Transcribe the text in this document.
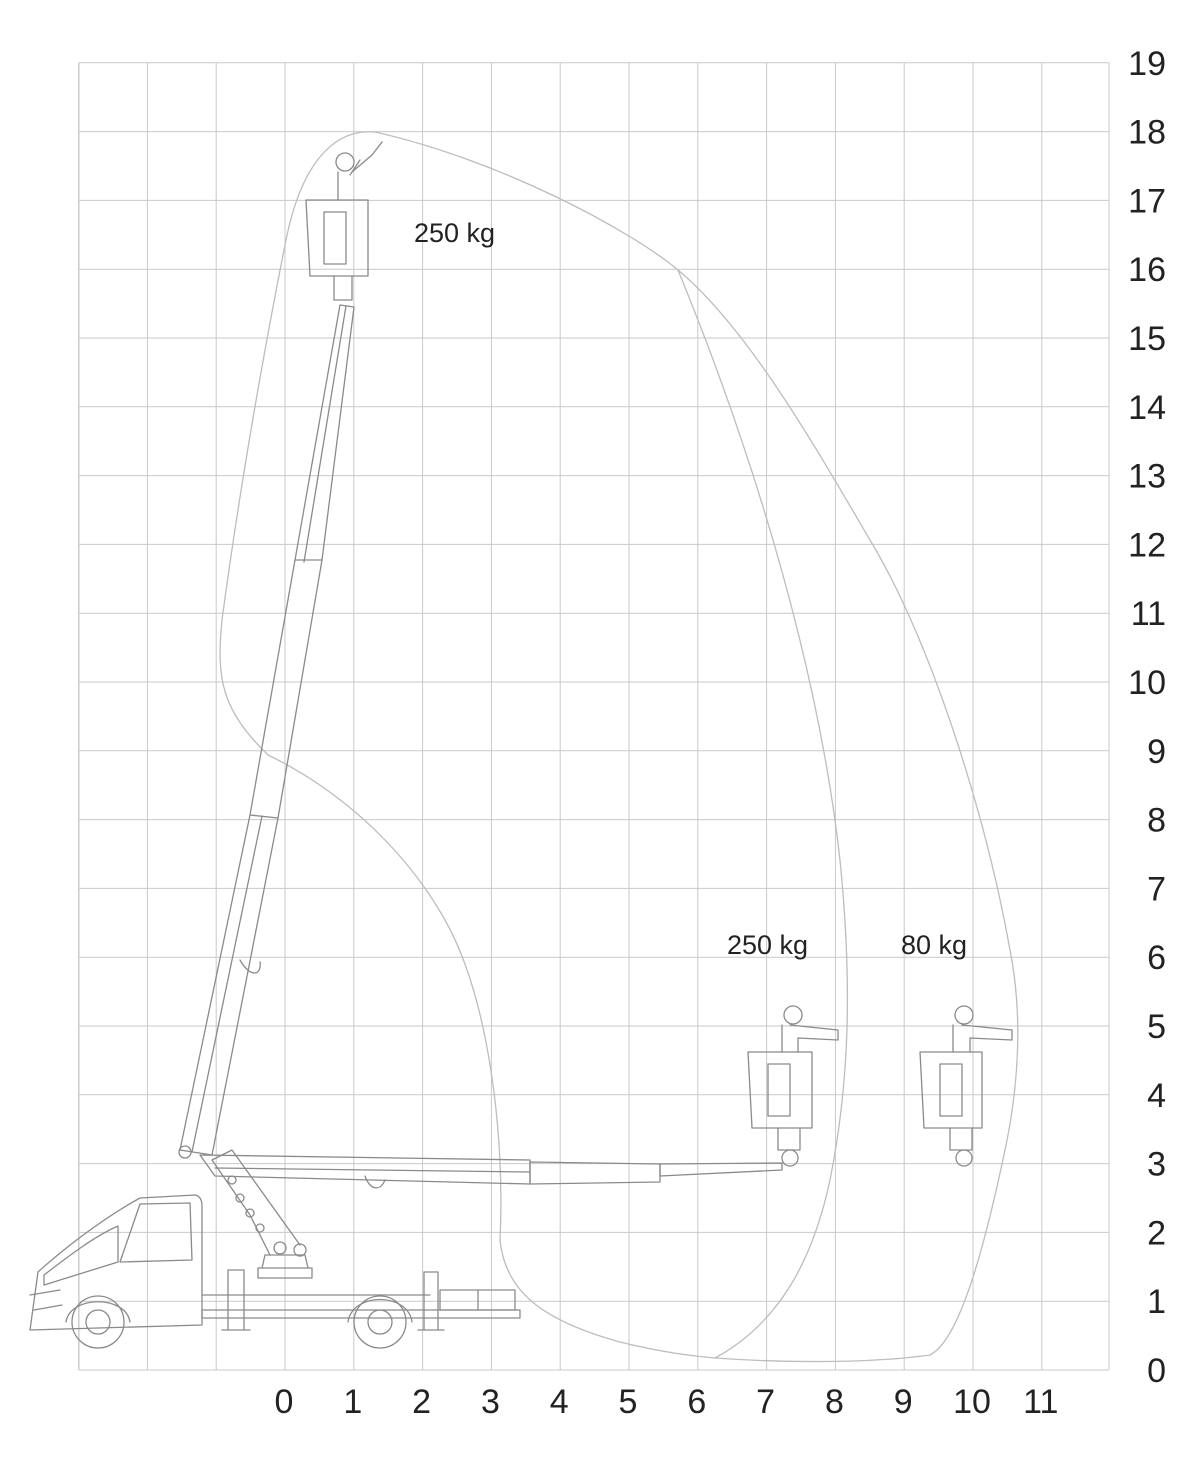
0
1
2
3
4
5
6
7
8
9
10
11
12
13
14
15
16
17
18
19
0 1 2 3 4 5 6 7 8 9 10 11
250 kg
250 kg	80 kg
